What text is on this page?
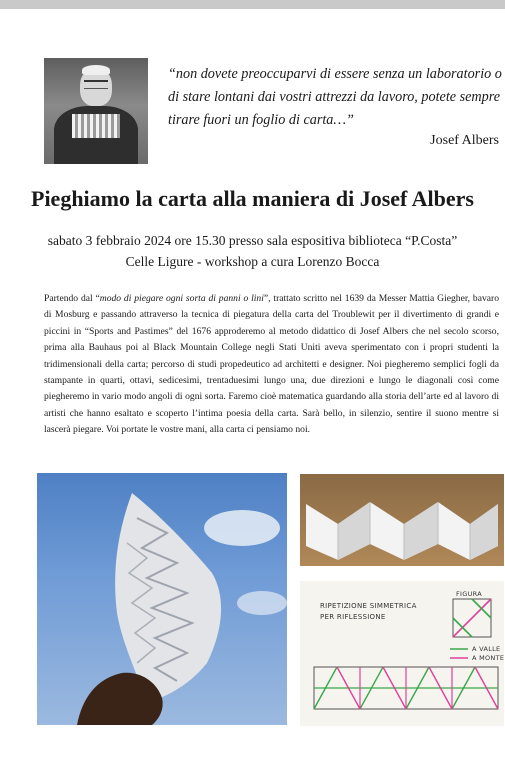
“non dovete preoccuparvi di essere senza un laboratorio o di stare lontani dai vostri attrezzi da lavoro, potete sempre tirare fuori un foglio di carta…”

Josef Albers

Pieghiamo la carta alla maniera di Josef Albers

sabato 3 febbraio 2024 ore 15.30 presso sala espositiva biblioteca “P.Costa”
Celle Ligure - workshop a cura Lorenzo Bocca

Partendo dal “modo di piegare ogni sorta di panni o lini”, trattato scritto nel 1639 da Messer Mattia Giegher, bavaro di Mosburg e passando attraverso la tecnica di piegatura della carta del Troublewit per il divertimento di grandi e piccini in “Sports and Pastimes” del 1676 approderemo al metodo didattico di Josef Albers che nel secolo scorso, prima alla Bauhaus poi al Black Mountain College negli Stati Uniti aveva sperimentato con i propri studenti la tridimensionali della carta; percorso di studi propedeutico ad architetti e designer. Noi piegheremo semplici fogli da stampante in quarti, ottavi, sedicesimi, trentaduesimi lungo una, due direzioni e lungo le diagonali così come piegheremo in vario modo angoli di ogni sorta. Faremo cioè matematica guardando alla storia dell’arte ed al lavoro di artisti che hanno esaltato e scoperto l’intima poesia della carta. Sarà bello, in silenzio, sentire il suono mentre si lascerà piegare. Voi portate le vostre mani, alla carta ci pensiamo noi.

RIPETIZIONE SIMMETRICA
PER RIFLESSIONE

FIGURA

A VALLE

A MONTE
